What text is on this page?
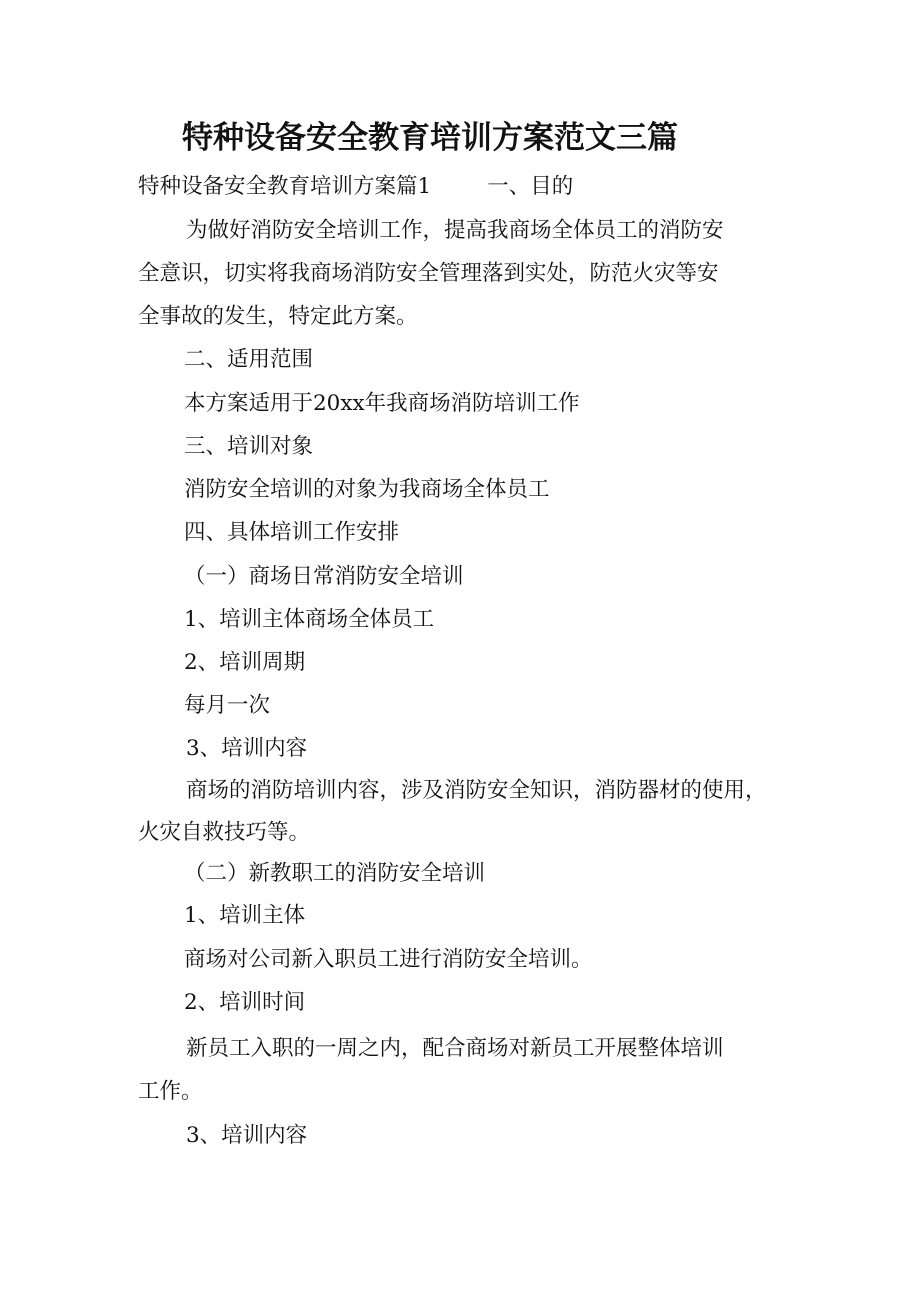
特种设备安全教育培训方案范文三篇
特种设备安全教育培训方案篇1	一、目的
为做好消防安全培训工作，提高我商场全体员工的消防安
全意识，切实将我商场消防安全管理落到实处，防范火灾等安
全事故的发生，特定此方案。
二、适用范围
本方案适用于20xx年我商场消防培训工作
三、培训对象
消防安全培训的对象为我商场全体员工
四、具体培训工作安排
（一）商场日常消防安全培训
1、培训主体商场全体员工
2、培训周期
每月一次
3、培训内容
商场的消防培训内容，涉及消防安全知识，消防器材的使用，
火灾自救技巧等。
（二）新教职工的消防安全培训
1、培训主体
商场对公司新入职员工进行消防安全培训。
2、培训时间
新员工入职的一周之内，配合商场对新员工开展整体培训
工作。
3、培训内容
